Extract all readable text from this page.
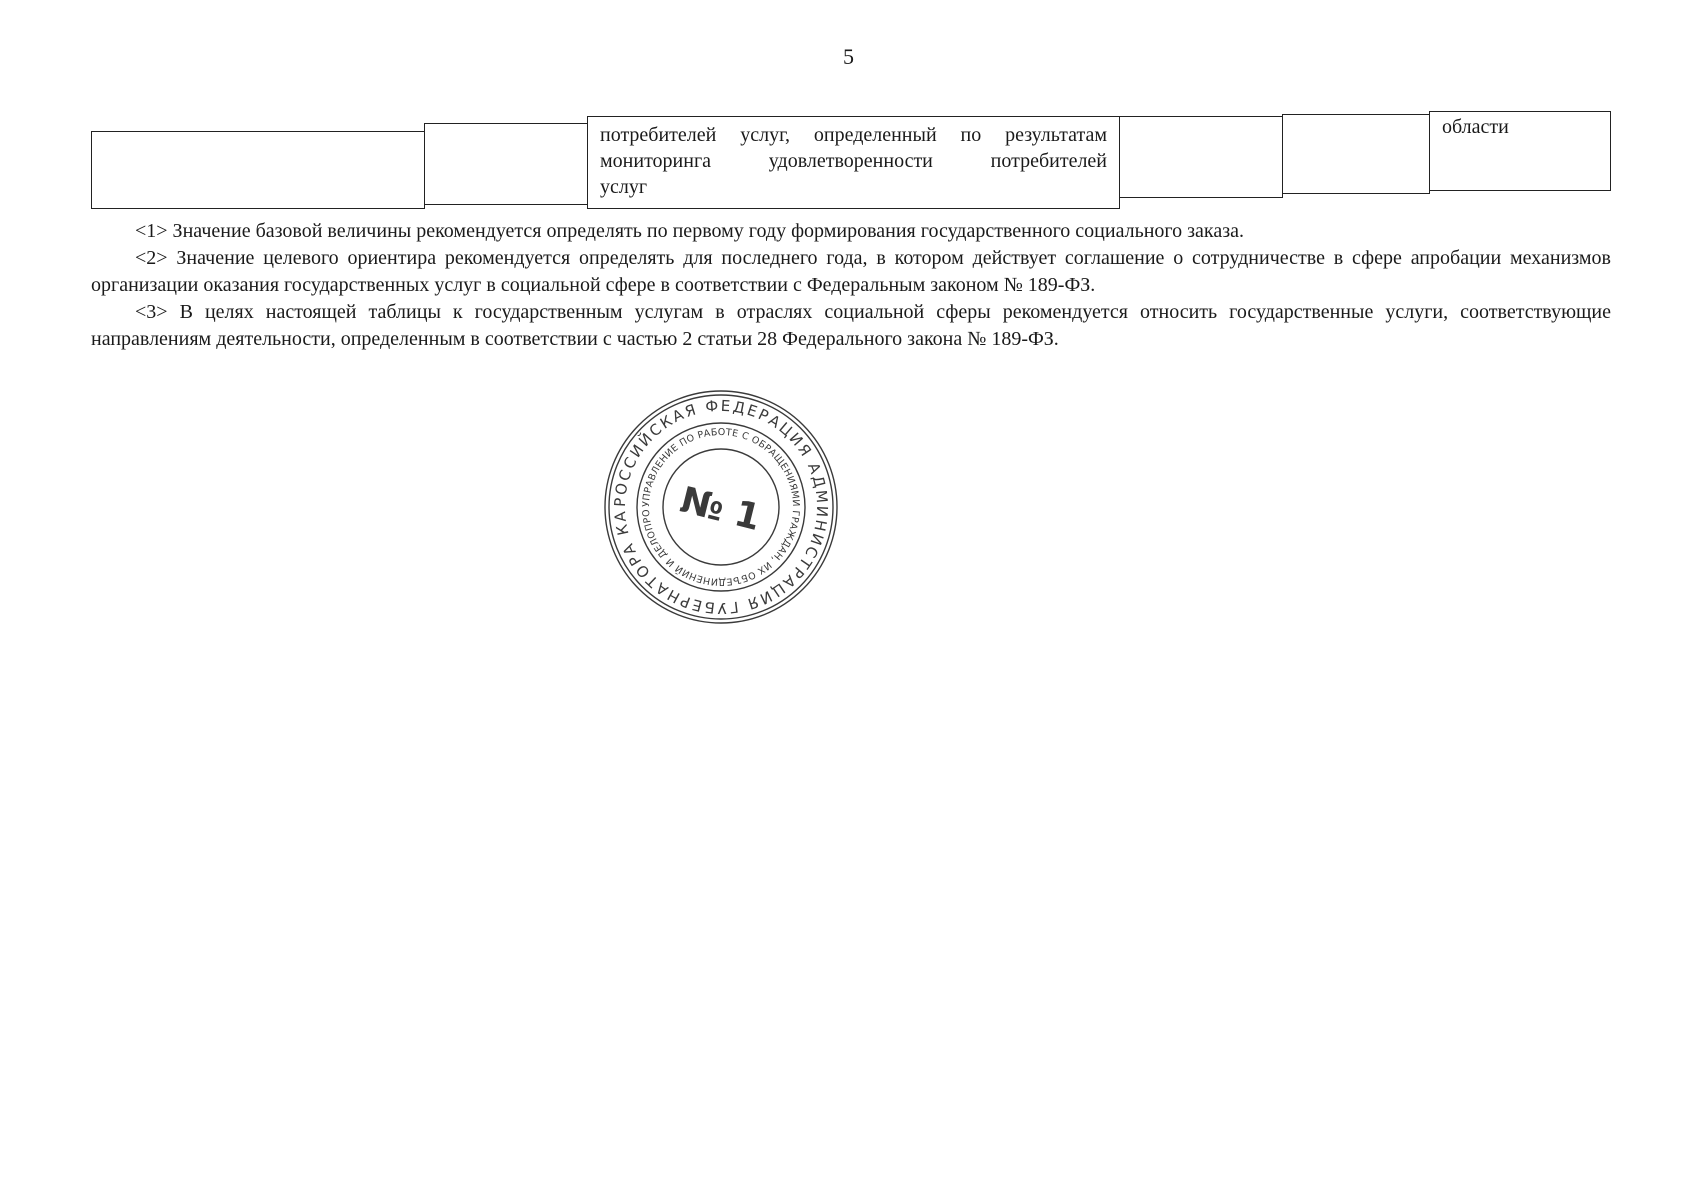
5
потребителей услуг, определенный по результатам мониторинга удовлетворенности потребителей
услуг
области

<1> Значение базовой величины рекомендуется определять по первому году формирования государственного социального заказа.

<2> Значение целевого ориентира рекомендуется определять для последнего года, в котором действует соглашение о сотрудничестве в сфере апробации механизмов организации оказания государственных услуг в социальной сфере в соответствии с Федеральным законом № 189-ФЗ.

<3> В целях настоящей таблицы к государственным услугам в отраслях социальной сферы рекомендуется относить государственные услуги, соответствующие направлениям деятельности, определенным в соответствии с частью 2 статьи 28 Федерального закона № 189-ФЗ.

РОССИЙСКАЯ ФЕДЕРАЦИЯ АДМИНИСТРАЦИЯ ГУБЕРНАТОРА КА
УПРАВЛЕНИЕ ПО РАБОТЕ С ОБРАЩЕНИЯМИ ГРАЖДАН, ИХ ОБЪЕДИНЕНИЙ И ДЕЛОПРО № 1
